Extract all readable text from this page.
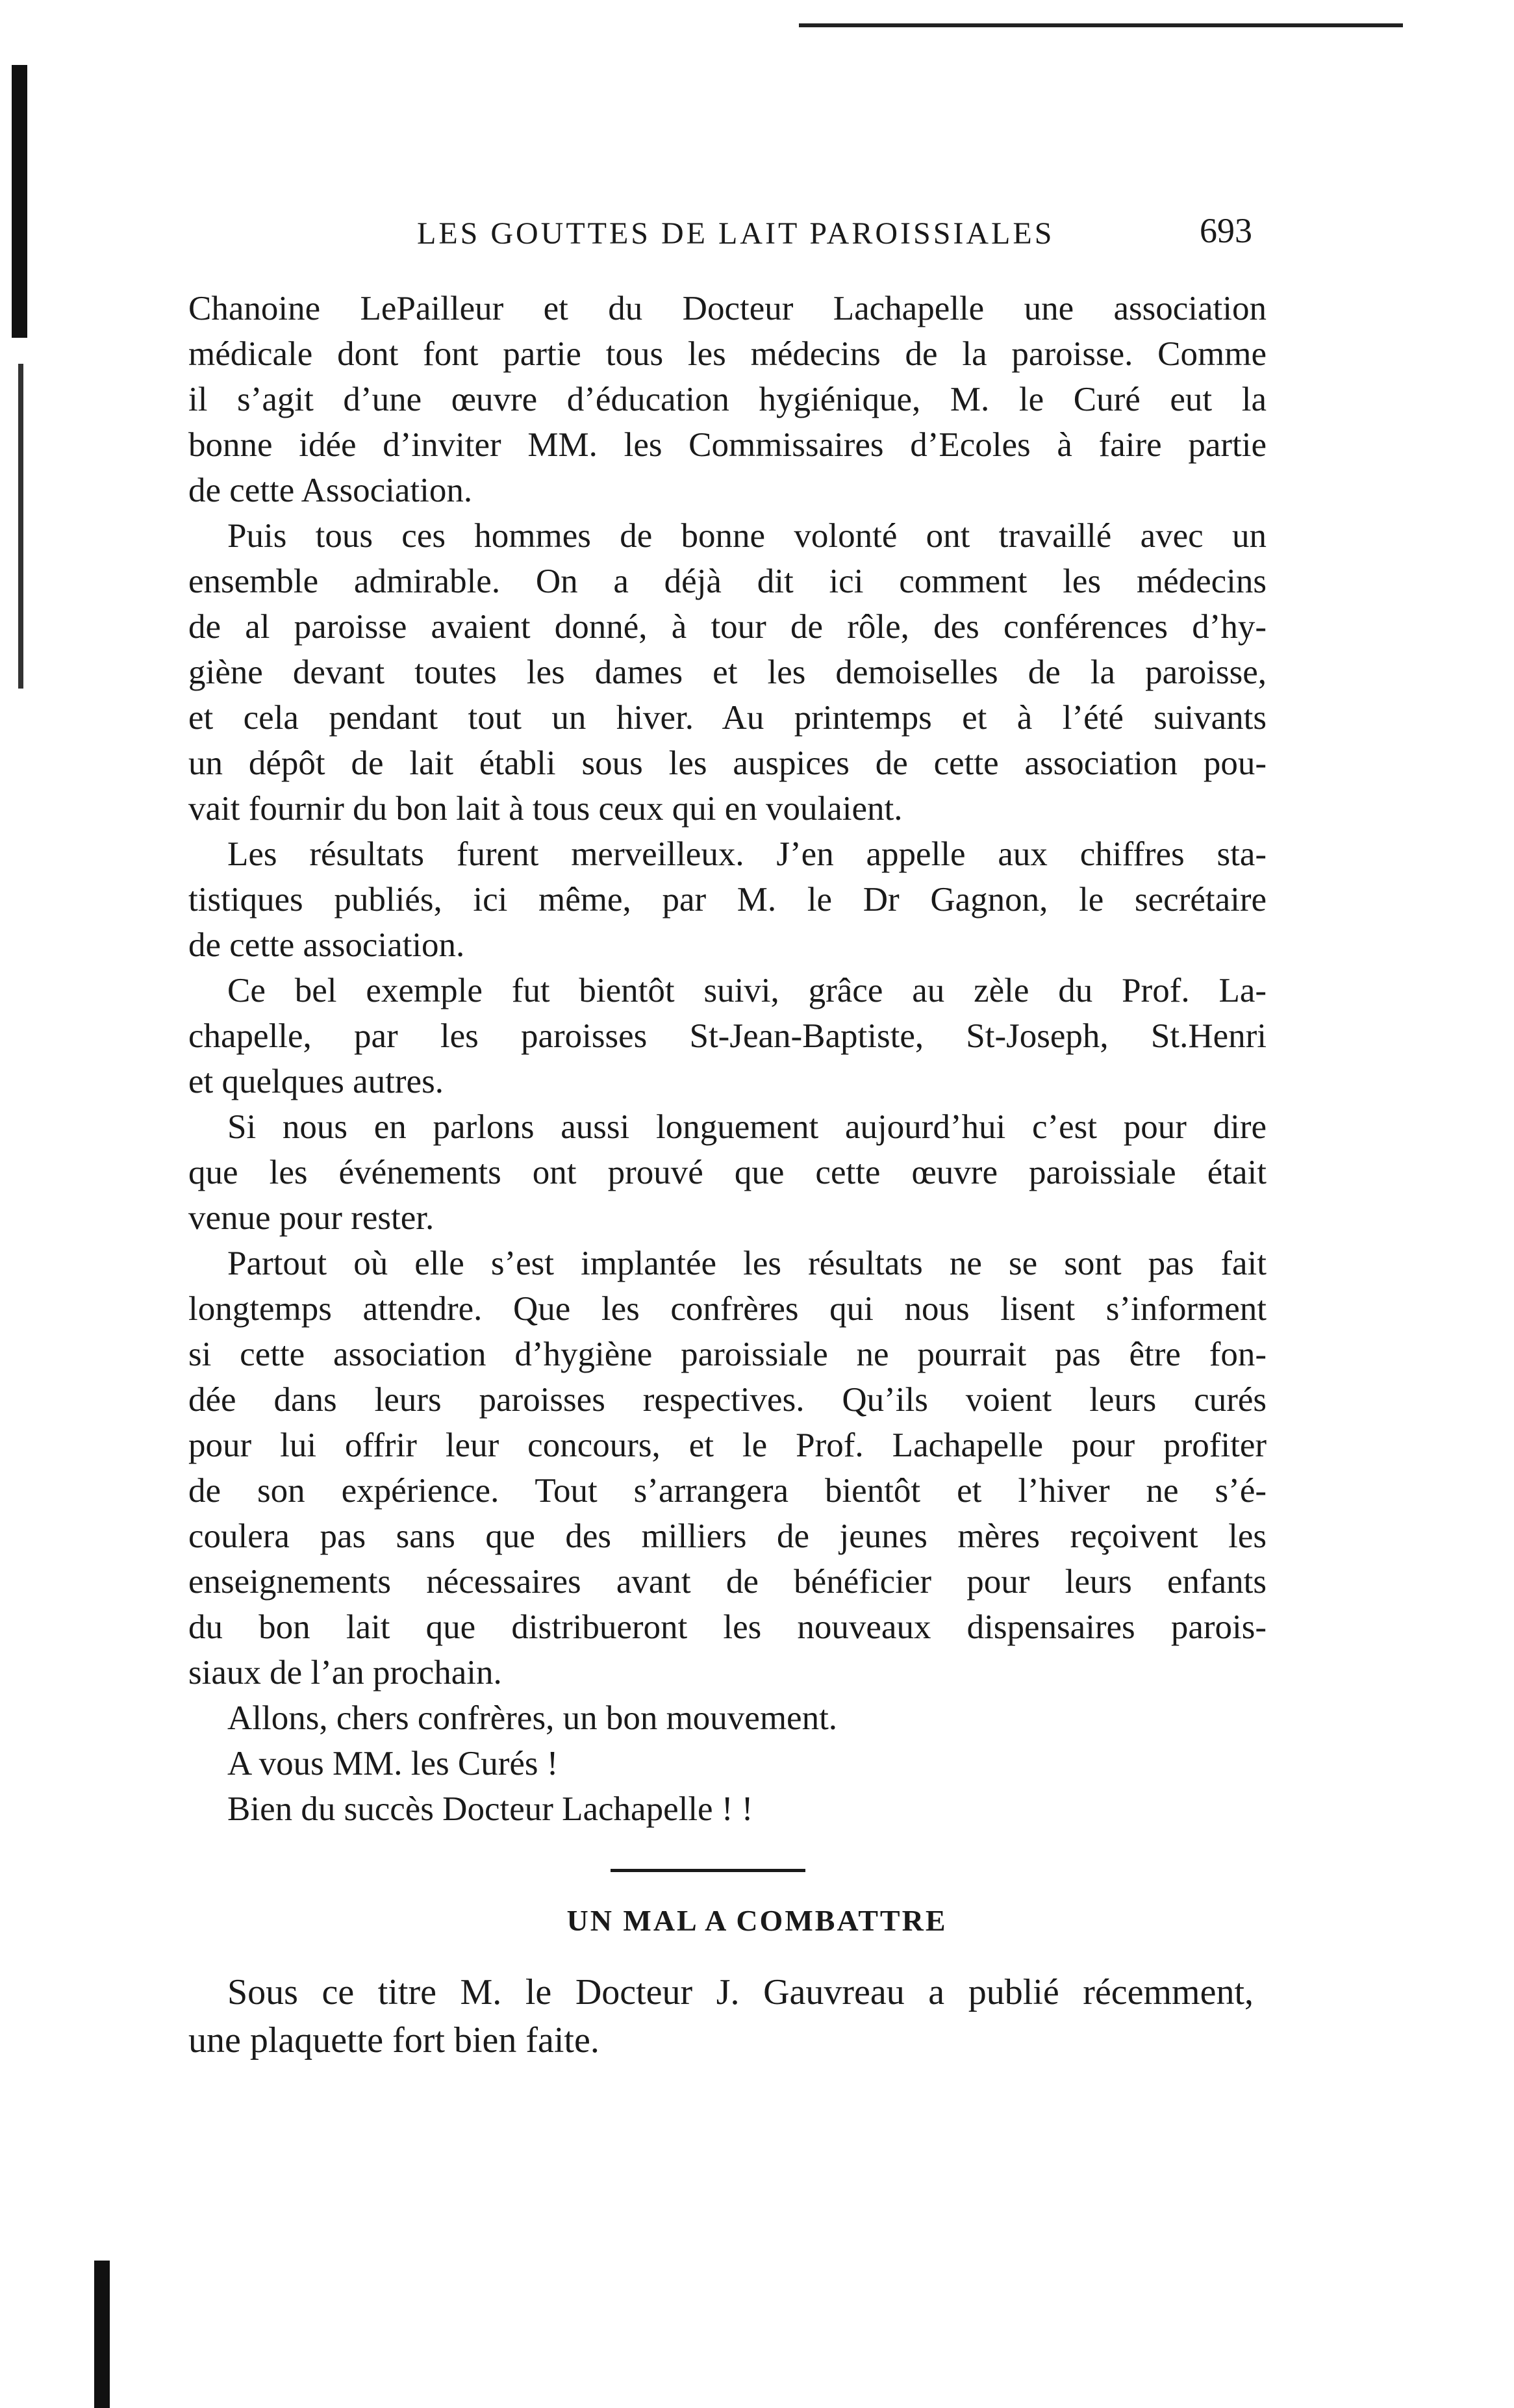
LES GOUTTES DE LAIT PAROISSIALES	693
Chanoine LePailleur et du Docteur Lachapelle une association
médicale dont font partie tous les médecins de la paroisse. Comme
il s’agit d’une œuvre d’éducation hygiénique, M. le Curé eut la
bonne idée d’inviter MM. les Commissaires d’Ecoles à faire partie
de cette Association.
Puis tous ces hommes de bonne volonté ont travaillé avec un
ensemble admirable. On a déjà dit ici comment les médecins
de al paroisse avaient donné, à tour de rôle, des conférences d’hy-
giène devant toutes les dames et les demoiselles de la paroisse,
et cela pendant tout un hiver. Au printemps et à l’été suivants
un dépôt de lait établi sous les auspices de cette association pou-
vait fournir du bon lait à tous ceux qui en voulaient.
Les résultats furent merveilleux. J’en appelle aux chiffres sta-
tistiques publiés, ici même, par M. le Dr Gagnon, le secrétaire
de cette association.
Ce bel exemple fut bientôt suivi, grâce au zèle du Prof. La-
chapelle, par les paroisses St-Jean-Baptiste, St-Joseph, St.Henri
et quelques autres.
Si nous en parlons aussi longuement aujourd’hui c’est pour dire
que les événements ont prouvé que cette œuvre paroissiale était
venue pour rester.
Partout où elle s’est implantée les résultats ne se sont pas fait
longtemps attendre. Que les confrères qui nous lisent s’informent
si cette association d’hygiène paroissiale ne pourrait pas être fon-
dée dans leurs paroisses respectives. Qu’ils voient leurs curés
pour lui offrir leur concours, et le Prof. Lachapelle pour profiter
de son expérience. Tout s’arrangera bientôt et l’hiver ne s’é-
coulera pas sans que des milliers de jeunes mères reçoivent les
enseignements nécessaires avant de bénéficier pour leurs enfants
du bon lait que distribueront les nouveaux dispensaires parois-
siaux de l’an prochain.
Allons, chers confrères, un bon mouvement.
A vous MM. les Curés !
Bien du succès Docteur Lachapelle ! !
UN MAL A COMBATTRE
Sous ce titre M. le Docteur J. Gauvreau a publié récemment,
une plaquette fort bien faite.
